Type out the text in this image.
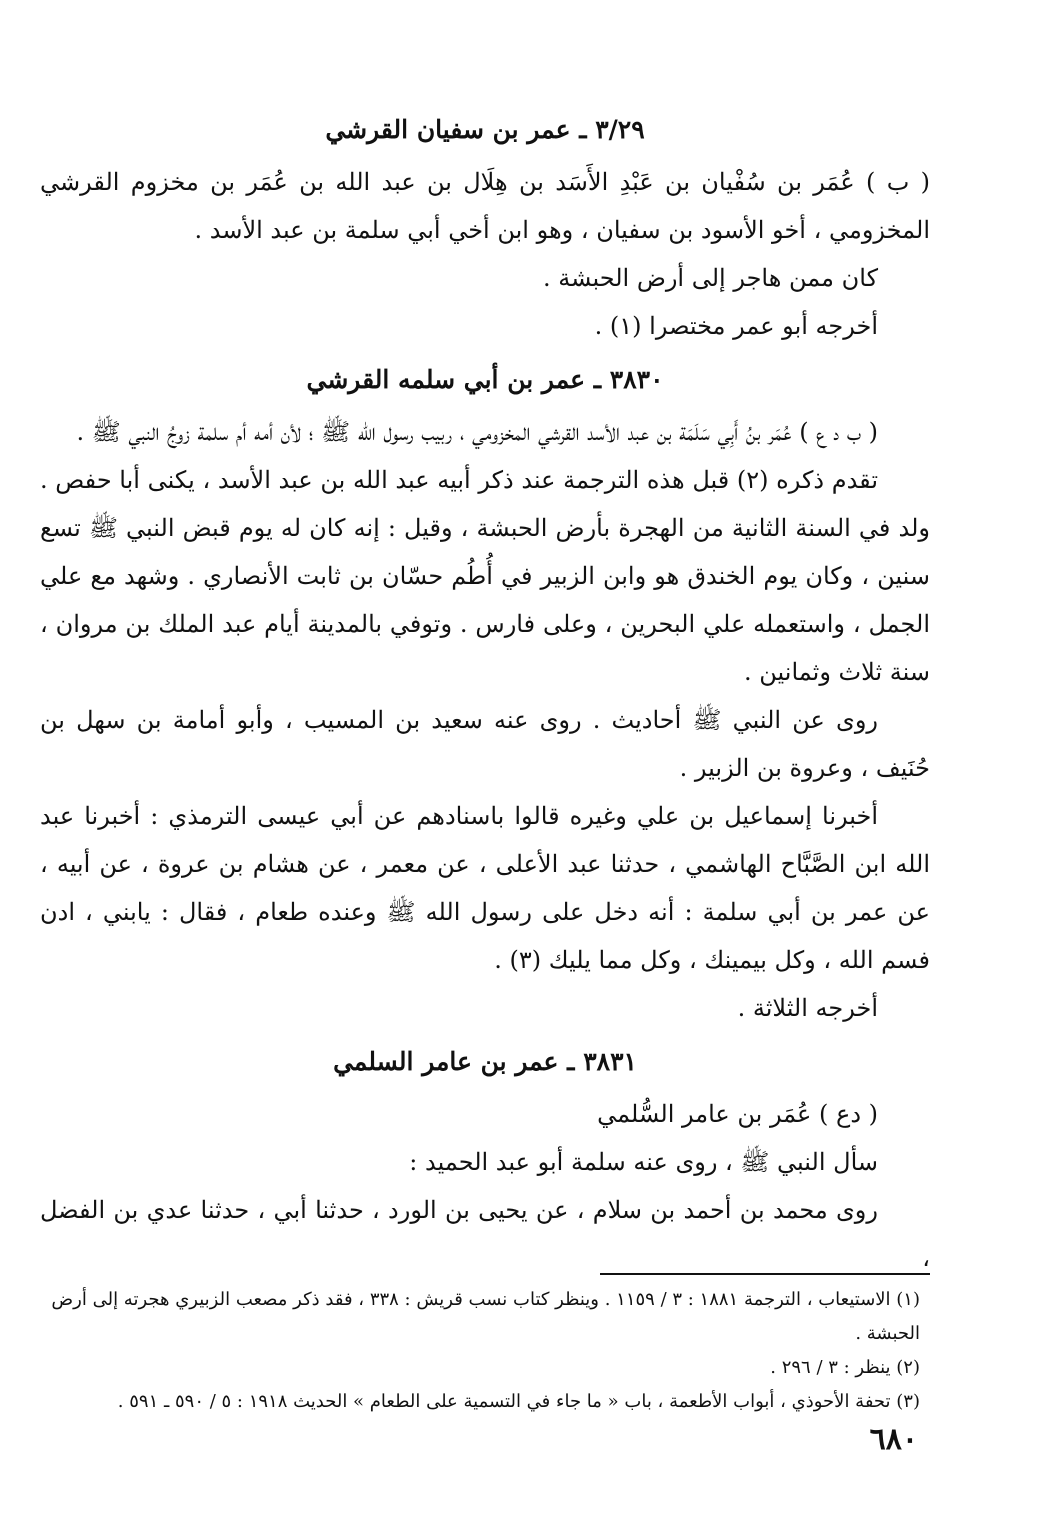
٣/٢٩ ـ عمر بن سفيان القرشي

( ب ) عُمَر بن سُفْيان بن عَبْدِ الأَسَد بن هِلَال بن عبد الله بن عُمَر بن مخزوم القرشي المخزومي ، أخو الأسود بن سفيان ، وهو ابن أخي أبي سلمة بن عبد الأسد .

كان ممن هاجر إلى أرض الحبشة .

أخرجه أبو عمر مختصرا (١) .

٣٨٣٠ ـ عمر بن أبي سلمه القرشي

( ب د ع ) عُمَر بنُ أَبِي سَلَمَة بن عبد الأسد القرشي المخزومي ، ربيب رسول الله ﷺ ؛ لأن أمه أم سلمة زوجُ النبي ﷺ .

تقدم ذكره (٢) قبل هذه الترجمة عند ذكر أبيه عبد الله بن عبد الأسد ، يكنى أبا حفص . ولد في السنة الثانية من الهجرة بأرض الحبشة ، وقيل : إنه كان له يوم قبض النبي ﷺ تسع سنين ، وكان يوم الخندق هو وابن الزبير في أُطُم حسّان بن ثابت الأنصاري . وشهد مع علي الجمل ، واستعمله علي البحرين ، وعلى فارس . وتوفي بالمدينة أيام عبد الملك بن مروان ، سنة ثلاث وثمانين .

روى عن النبي ﷺ أحاديث . روى عنه سعيد بن المسيب ، وأبو أمامة بن سهل بن حُنَيف ، وعروة بن الزبير .

أخبرنا إسماعيل بن علي وغيره قالوا باسنادهم عن أبي عيسى الترمذي : أخبرنا عبد الله ابن الصَّبَّاح الهاشمي ، حدثنا عبد الأعلى ، عن معمر ، عن هشام بن عروة ، عن أبيه ، عن عمر بن أبي سلمة : أنه دخل على رسول الله ﷺ وعنده طعام ، فقال : يابني ، ادن فسم الله ، وكل بيمينك ، وكل مما يليك (٣) .

أخرجه الثلاثة .

٣٨٣١ ـ عمر بن عامر السلمي

( دع ) عُمَر بن عامر السُّلمي

سأل النبي ﷺ ، روى عنه سلمة أبو عبد الحميد :

روى محمد بن أحمد بن سلام ، عن يحيى بن الورد ، حدثنا أبي ، حدثنا عدي بن الفضل ،

(١) الاستيعاب ، الترجمة ١٨٨١ : ٣ / ١١٥٩ . وينظر كتاب نسب قريش : ٣٣٨ ، فقد ذكر مصعب الزبيري هجرته إلى أرض الحبشة .

(٢) ينظر : ٣ / ٢٩٦ .

(٣) تحفة الأحوذي ، أبواب الأطعمة ، باب « ما جاء في التسمية على الطعام » الحديث ١٩١٨ : ٥ / ٥٩٠ ـ ٥٩١ .

٦٨٠
